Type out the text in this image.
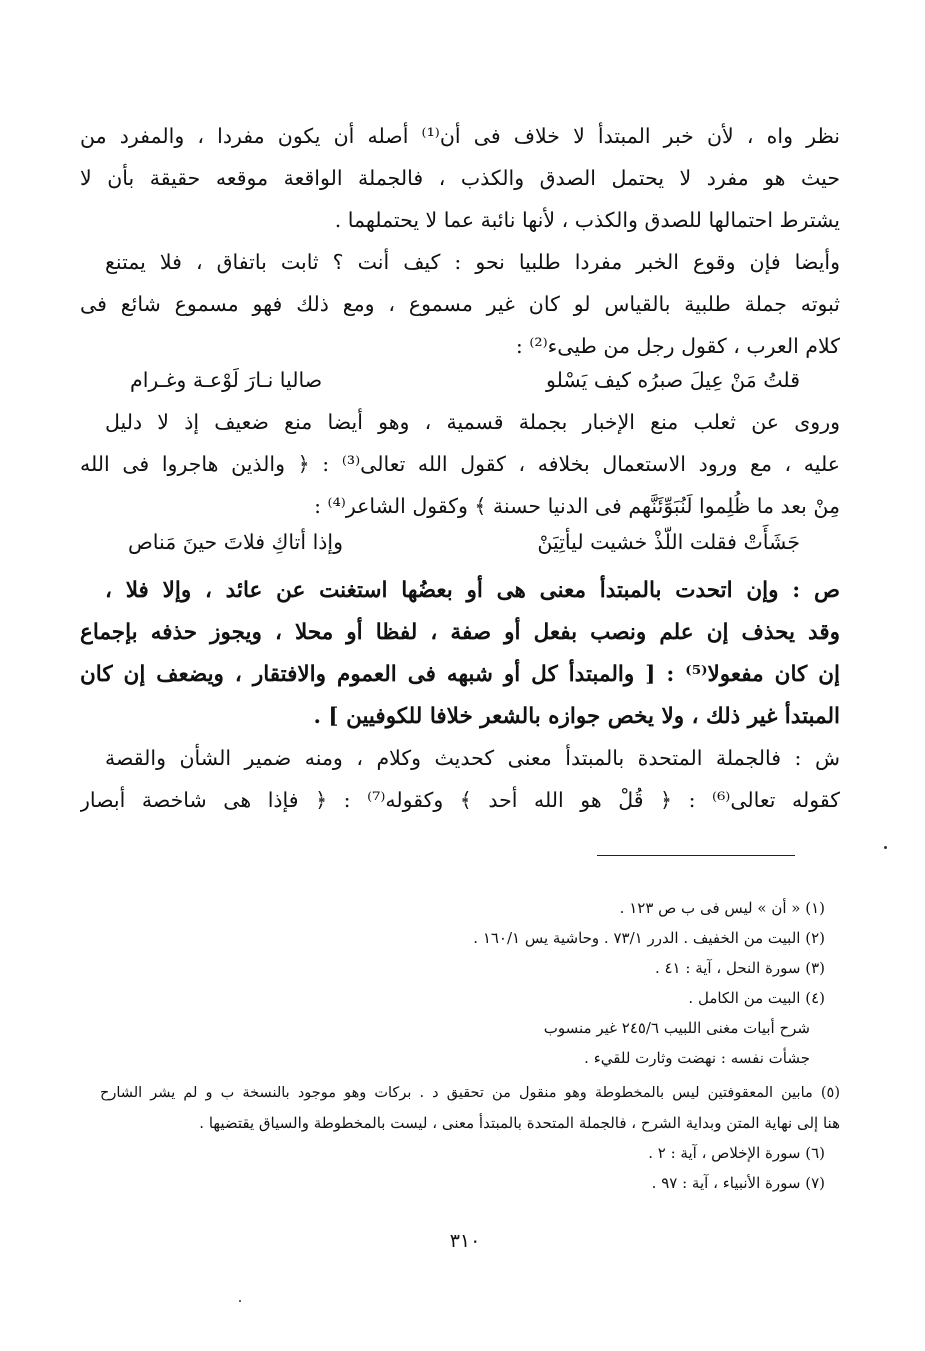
نظر واه ، لأن خبر المبتدأ لا خلاف فى أن⁽¹⁾ أصله أن يكون مفردا ، والمفرد من
حيث هو مفرد لا يحتمل الصدق والكذب ، فالجملة الواقعة موقعه حقيقة بأن لا
يشترط احتمالها للصدق والكذب ، لأنها نائبة عما لا يحتملهما .
وأيضا فإن وقوع الخبر مفردا طلبيا نحو : كيف أنت ؟ ثابت باتفاق ، فلا يمتنع
ثبوته جملة طلبية بالقياس لو كان غير مسموع ، ومع ذلك فهو مسموع شائع فى
كلام العرب ، كقول رجل من طيىء⁽²⁾ :
قلتُ مَنْ عِيلَ صبرُه كيف يَسْلو
صاليا نـارَ لَوْعـة وغـرام
وروى عن ثعلب منع الإخبار بجملة قسمية ، وهو أيضا منع ضعيف إذ لا دليل
عليه ، مع ورود الاستعمال بخلافه ، كقول الله تعالى⁽³⁾ : ﴿ والذين هاجروا فى الله
مِنْ بعد ما ظُلِموا لَنُبَوِّئَنَّهم فى الدنيا حسنة ﴾ وكقول الشاعر⁽⁴⁾ :
جَشَأَتْ فقلت اللّذْ خشيت ليأتِيَنْ
وإذا أتاكِ فلاتَ حينَ مَناص
ص : وإن اتحدت بالمبتدأ معنى هى أو بعضُها استغنت عن عائد ، وإلا فلا ،
وقد يحذف إن علم ونصب بفعل أو صفة ، لفظا أو محلا ، ويجوز حذفه بإجماع
إن كان مفعولا⁽⁵⁾ : [ والمبتدأ كل أو شبهه فى العموم والافتقار ، ويضعف إن كان
المبتدأ غير ذلك ، ولا يخص جوازه بالشعر خلافا للكوفيين ] .
ش : فالجملة المتحدة بالمبتدأ معنى كحديث وكلام ، ومنه ضمير الشأن والقصة
كقوله تعالى⁽⁶⁾ : ﴿ قُلْ هو الله أحد ﴾ وكقوله⁽⁷⁾ : ﴿ فإذا هى شاخصة أبصار
(١) « أن » ليس فى ب ص ١٢٣ .
(٢) البيت من الخفيف . الدرر ٧٣/١ . وحاشية يس ١٦٠/١ .
(٣) سورة النحل ، آية : ٤١ .
(٤) البيت من الكامل .
شرح أبيات مغنى اللبيب ٢٤٥/٦ غير منسوب
جشأت نفسه : نهضت وثارت للقيء .
(٥) مابين المعقوفتين ليس بالمخطوطة وهو منقول من تحقيق د . بركات وهو موجود بالنسخة ب و لم يشر الشارح
هنا إلى نهاية المتن وبداية الشرح ، فالجملة المتحدة بالمبتدأ معنى ، ليست بالمخطوطة والسياق يقتضيها .
(٦) سورة الإخلاص ، آية : ٢ .
(٧) سورة الأنبياء ، آية : ٩٧ .
٣١٠
